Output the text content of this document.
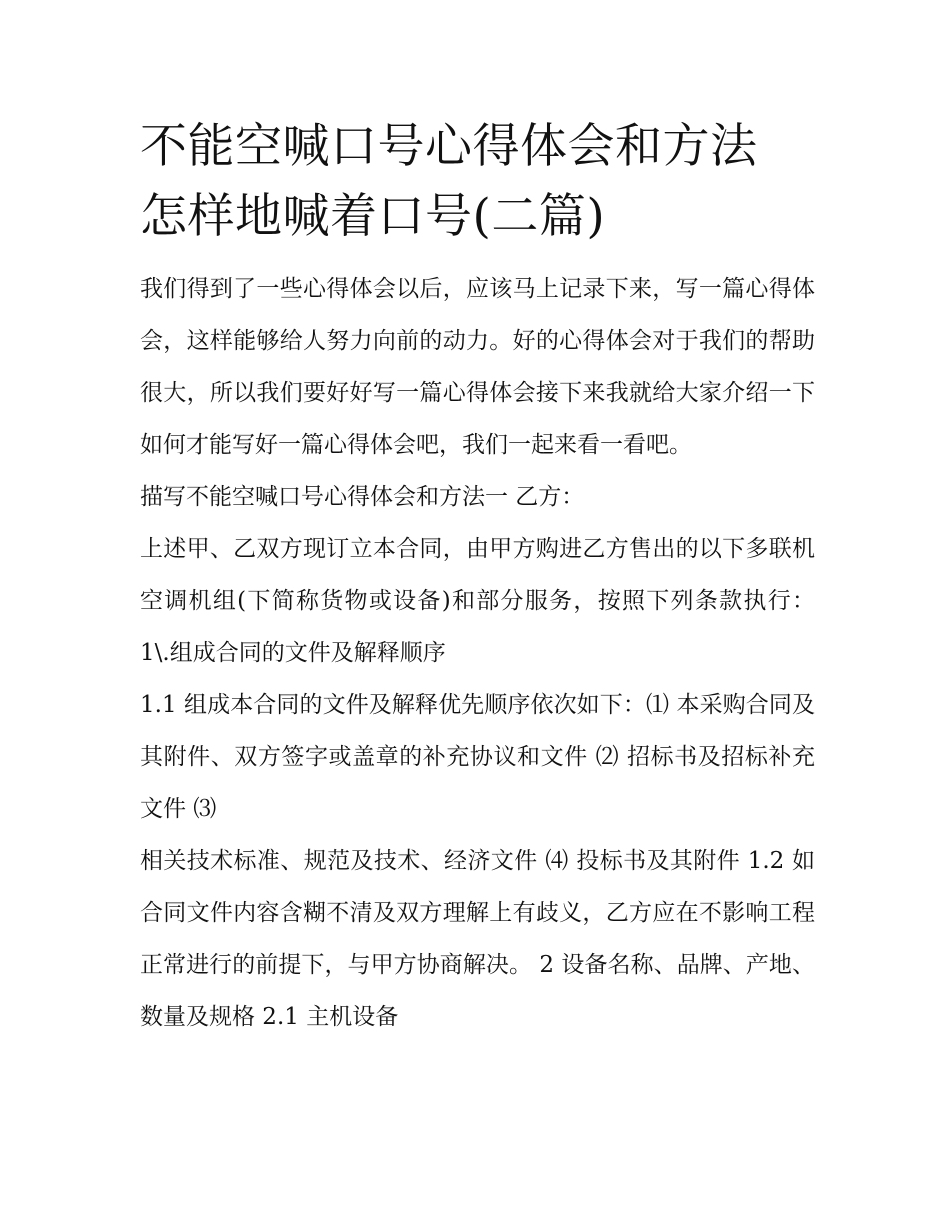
不能空喊口号心得体会和方法
怎样地喊着口号(二篇)

我们得到了一些心得体会以后，应该马上记录下来，写一篇心得体会，这样能够给人努力向前的动力。好的心得体会对于我们的帮助很大，所以我们要好好写一篇心得体会接下来我就给大家介绍一下如何才能写好一篇心得体会吧，我们一起来看一看吧。

描写不能空喊口号心得体会和方法一 乙方：

上述甲、乙双方现订立本合同，由甲方购进乙方售出的以下多联机空调机组(下简称货物或设备)和部分服务，按照下列条款执行： 1\.组成合同的文件及解释顺序

1.1 组成本合同的文件及解释优先顺序依次如下：⑴ 本采购合同及其附件、双方签字或盖章的补充协议和文件 ⑵ 招标书及招标补充文件 ⑶

相关技术标准、规范及技术、经济文件 ⑷ 投标书及其附件 1.2 如合同文件内容含糊不清及双方理解上有歧义，乙方应在不影响工程正常进行的前提下，与甲方协商解决。 2 设备名称、品牌、产地、数量及规格 2.1 主机设备
